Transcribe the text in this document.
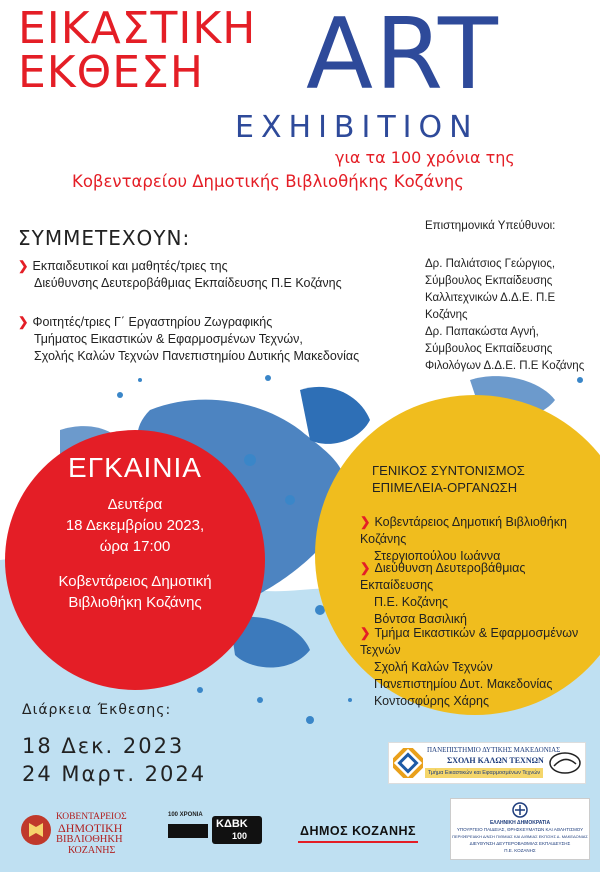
ΕΙΚΑΣΤΙΚΗ
ΕΚΘΕΣΗ ART
EXHIBITION
για τα 100 χρόνια της
Κοβενταρείου Δημοτικής Βιβλιοθήκης Κοζάνης
ΣΥΜΜΕΤΕΧΟΥΝ:
❯ Εκπαιδευτικοί και μαθητές/τριες της
Διεύθυνσης Δευτεροβάθμιας Εκπαίδευσης Π.Ε Κοζάνης
❯ Φοιτητές/τριες Γ΄ Εργαστηρίου Ζωγραφικής
Τμήματος Εικαστικών & Εφαρμοσμένων Τεχνών,
Σχολής Καλών Τεχνών Πανεπιστημίου Δυτικής Μακεδονίας
Επιστημονικά Υπεύθυνοι:
Δρ. Παλιάτσιος Γεώργιος,
Σύμβουλος Εκπαίδευσης
Καλλιτεχνικών Δ.Δ.Ε. Π.Ε Κοζάνης
Δρ. Παπακώστα Αγνή,
Σύμβουλος Εκπαίδευσης
Φιλολόγων Δ.Δ.Ε. Π.Ε Κοζάνης
ΕΓΚΑΙΝΙΑ
Δευτέρα
18 Δεκεμβρίου 2023,
ώρα 17:00
Κοβεντάρειος Δημοτική
Βιβλιοθήκη Κοζάνης
ΓΕΝΙΚΟΣ ΣΥΝΤΟΝΙΣΜΟΣ
ΕΠΙΜΕΛΕΙΑ-ΟΡΓΑΝΩΣΗ
❯ Κοβεντάρειος Δημοτική Βιβλιοθήκη Κοζάνης
Στεργιοπούλου Ιωάννα
❯ Διεύθυνση Δευτεροβάθμιας Εκπαίδευσης
Π.Ε. Κοζάνης
Βόντσα Βασιλική
❯ Τμήμα Εικαστικών & Εφαρμοσμένων Τεχνών
Σχολή Καλών Τεχνών
Πανεπιστημίου Δυτ. Μακεδονίας
Κοντοσφύρης Χάρης
Διάρκεια Έκθεσης:
18 Δεκ. 2023
24 Μαρτ. 2024
ΠΑΝΕΠΙΣΤΗΜΙΟ ΔΥΤΙΚΗΣ ΜΑΚΕΔΟΝΙΑΣ
ΣΧΟΛΗ ΚΑΛΩΝ ΤΕΧΝΩΝ
Τμήμα Εικαστικών και Εφαρμοσμένων Τεχνών
ΕΛΛΗΝΙΚΗ ΔΗΜΟΚΡΑΤΙΑ
ΥΠΟΥΡΓΕΙΟ ΠΑΙΔΕΙΑΣ, ΘΡΗΣΚΕΥΜΑΤΩΝ ΚΑΙ ΑΘΛΗΤΙΣΜΟΥ
ΠΕΡΙΦΕΡΕΙΑΚΗ Δ/ΝΣΗ Π/ΘΜΙΑΣ ΚΑΙ Δ/ΘΜΙΑΣ ΕΚΠ/ΣΗΣ Δ. ΜΑΚΕΔΟΝΙΑΣ
ΔΙΕΥΘΥΝΣΗ ΔΕΥΤΕΡΟΒΑΘΜΙΑΣ ΕΚΠΑΙΔΕΥΣΗΣ
Π.Ε. ΚΟΖΑΝΗΣ
ΚΟΒΕΝΤΑΡΕΙΟΣ
ΔΗΜΟΤΙΚΗ
ΒΙΒΛΙΟΘΗΚΗ
ΚΟΖΑΝΗΣ
100 ΧΡΟΝΙΑ
ΚΔΒΚ
100	ΔΗΜΟΣ ΚΟΖΑΝΗΣ
